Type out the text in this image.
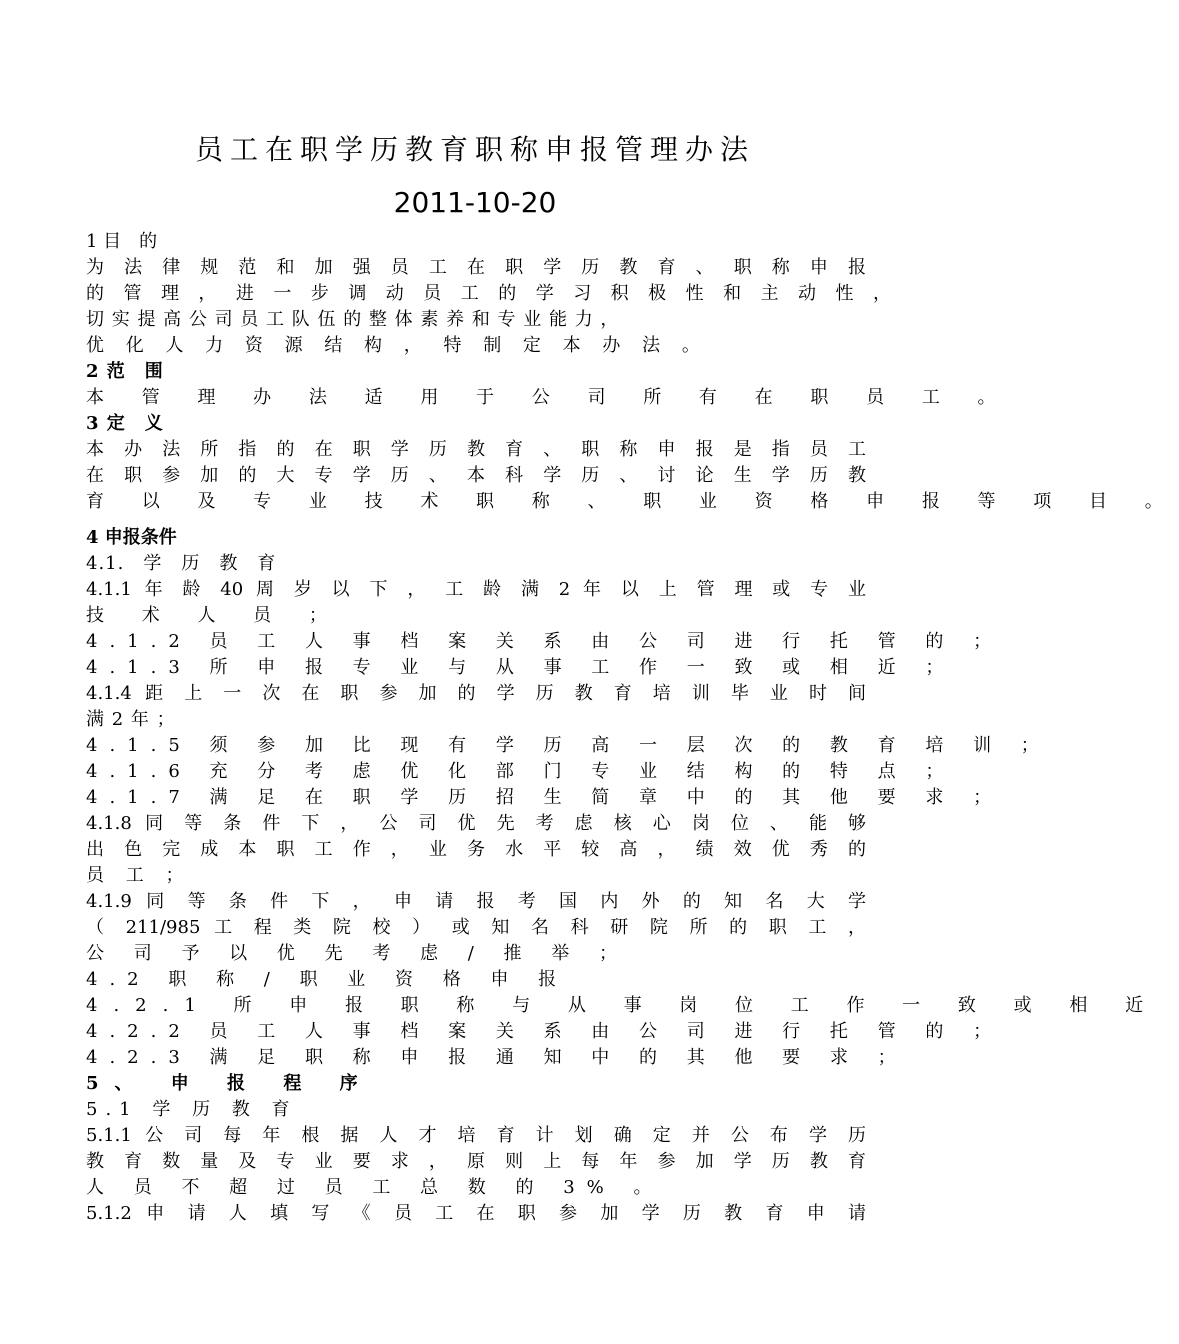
员工在职学历教育职称申报管理办法
2011-10-20
1 目　的
为 法 律 规 范 和 加 强 员 工 在 职 学 历 教 育 、 职 称 申 报
的 管 理 ， 进 一 步 调 动 员 工 的 学 习 积 极 性 和 主 动 性 ，
切 实 提 高 公 司 员 工 队 伍 的 整 体 素 养 和 专 业 能 力 ，
优 化 人 力 资 源 结 构 ， 特 制 定 本 办 法 。
2 范　围
本 管 理 办 法 适 用 于 公 司 所 有 在 职 员 工 。
3 定　义
本 办 法 所 指 的 在 职 学 历 教 育 、 职 称 申 报 是 指 员 工
在 职 参 加 的 大 专 学 历 、 本 科 学 历 、 讨 论 生 学 历 教
育 以 及 专 业 技 术 职 称 、 职 业 资 格 申 报 等 项 目 。
4 申报条件
4.1.　学　历　教　育
4.1.1 年 龄 40 周 岁 以 下 ， 工 龄 满 2 年 以 上 管 理 或 专 业
技 术 人 员 ；
4.1.2 员 工 人 事 档 案 关 系 由 公 司 进 行 托 管 的 ；
4.1.3 所 申 报 专 业 与 从 事 工 作 一 致 或 相 近 ；
4.1.4 距 上 一 次 在 职 参 加 的 学 历 教 育 培 训 毕 业 时 间
满 2 年 ；
4.1.5 须 参 加 比 现 有 学 历 高 一 层 次 的 教 育 培 训 ；
4.1.6 充 分 考 虑 优 化 部 门 专 业 结 构 的 特 点 ；
4.1.7 满 足 在 职 学 历 招 生 简 章 中 的 其 他 要 求 ；
4.1.8 同 等 条 件 下 ， 公 司 优 先 考 虑 核 心 岗 位 、 能 够
出 色 完 成 本 职 工 作 ， 业 务 水 平 较 高 ， 绩 效 优 秀 的
员 工 ；
4.1.9 同 等 条 件 下 ， 申 请 报 考 国 内 外 的 知 名 大 学
（ 211/985 工 程 类 院 校 ） 或 知 名 科 研 院 所 的 职 工 ，
公 司 予 以 优 先 考 虑 / 推 举 ；
4.2 职 称 / 职 业 资 格 申 报
4.2.1 所 申 报 职 称 与 从 事 岗 位 工 作 一 致 或 相 近
4.2.2 员 工 人 事 档 案 关 系 由 公 司 进 行 托 管 的 ；
4.2.3 满 足 职 称 申 报 通 知 中 的 其 他 要 求 ；
5、 申 报 程 序
5.1 学 历 教 育
5.1.1 公 司 每 年 根 据 人 才 培 育 计 划 确 定 并 公 布 学 历
教 育 数 量 及 专 业 要 求 ， 原 则 上 每 年 参 加 学 历 教 育
人 员 不 超 过 员 工 总 数 的 3% 。
5.1.2 申 请 人 填 写 《 员 工 在 职 参 加 学 历 教 育 申 请
